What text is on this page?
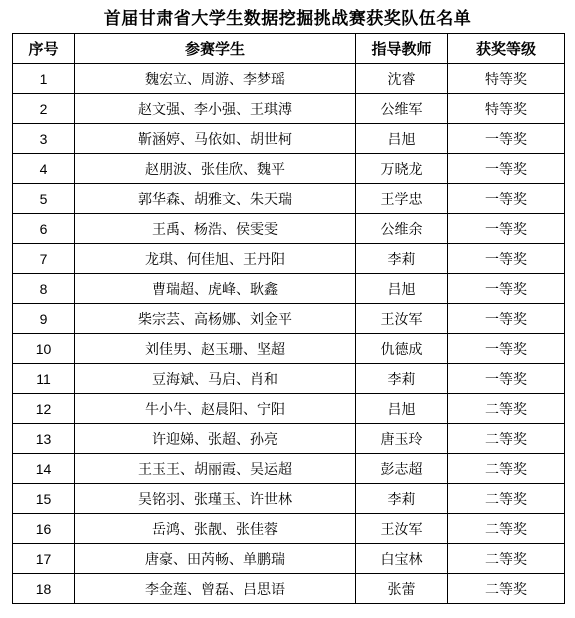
首届甘肃省大学生数据挖掘挑战赛获奖队伍名单
序号	参赛学生	指导教师	获奖等级
1	魏宏立、周游、李梦瑶	沈睿	特等奖
2	赵文强、李小强、王琪溥	公维军	特等奖
3	靳涵婷、马依如、胡世柯	吕旭	一等奖
4	赵朋波、张佳欣、魏平	万晓龙	一等奖
5	郭华森、胡雅文、朱天瑞	王学忠	一等奖
6	王禹、杨浩、侯雯雯	公维余	一等奖
7	龙琪、何佳旭、王丹阳	李莉	一等奖
8	曹瑞超、虎峰、耿鑫	吕旭	一等奖
9	柴宗芸、高杨娜、刘金平	王汝军	一等奖
10	刘佳男、赵玉珊、坚超	仇德成	一等奖
11	豆海斌、马启、肖和	李莉	一等奖
12	牛小牛、赵晨阳、宁阳	吕旭	二等奖
13	许迎娣、张超、孙亮	唐玉玲	二等奖
14	王玉王、胡丽霞、吴运超	彭志超	二等奖
15	吴铭羽、张瑾玉、许世林	李莉	二等奖
16	岳鸿、张靓、张佳蓉	王汝军	二等奖
17	唐豪、田芮畅、单鹏瑞	白宝林	二等奖
18	李金莲、曾磊、吕思语	张蕾	二等奖
